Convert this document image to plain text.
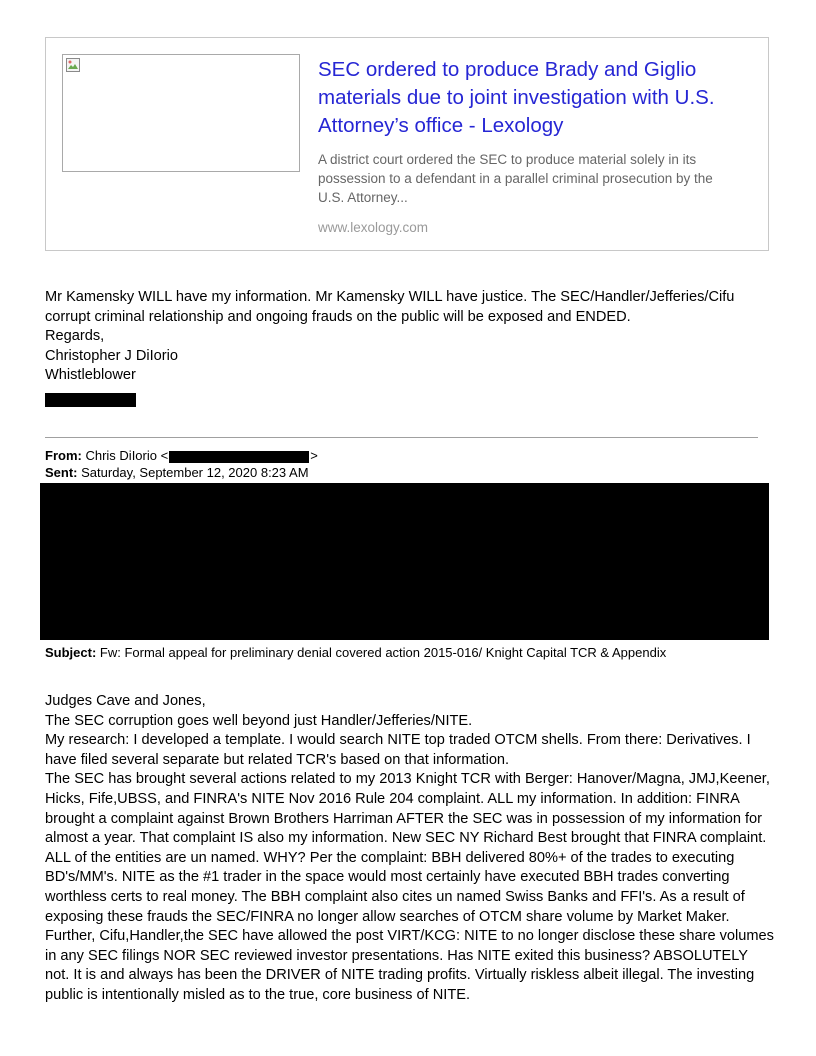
SEC ordered to produce Brady and Giglio materials due to joint investigation with U.S. Attorney’s office - Lexology
A district court ordered the SEC to produce material solely in its possession to a defendant in a parallel criminal prosecution by the U.S. Attorney...
www.lexology.com
Mr Kamensky WILL have my information. Mr Kamensky WILL have justice. The SEC/Handler/Jefferies/Cifu corrupt criminal relationship and ongoing frauds on the public will be exposed and ENDED.
Regards,
Christopher J DiIorio
Whistleblower
From: Chris DiIorio <	>
Sent: Saturday, September 12, 2020 8:23 AM
Subject: Fw: Formal appeal for preliminary denial covered action 2015-016/ Knight Capital TCR & Appendix
Judges Cave and Jones,
The SEC corruption goes well beyond just Handler/Jefferies/NITE.
My research: I developed a template. I would search NITE top traded OTCM shells. From there: Derivatives. I have filed several separate but related TCR's based on that information.
The SEC has brought several actions related to my 2013 Knight TCR with Berger: Hanover/Magna, JMJ,Keener, Hicks, Fife,UBSS, and FINRA's NITE Nov 2016 Rule 204 complaint. ALL my information. In addition: FINRA brought a complaint against Brown Brothers Harriman AFTER the SEC was in possession of my information for almost a year. That complaint IS also my information. New SEC NY Richard Best brought that FINRA complaint. ALL of the entities are un named. WHY? Per the complaint: BBH delivered 80%+ of the trades to executing BD's/MM's. NITE as the #1 trader in the space would most certainly have executed BBH trades converting worthless certs to real money. The BBH complaint also cites un named Swiss Banks and FFI's. As a result of exposing these frauds the SEC/FINRA no longer allow searches of OTCM share volume by Market Maker. Further, Cifu,Handler,the SEC have allowed the post VIRT/KCG: NITE to no longer disclose these share volumes in any SEC filings NOR SEC reviewed investor presentations. Has NITE exited this business? ABSOLUTELY not. It is and always has been the DRIVER of NITE trading profits. Virtually riskless albeit illegal. The investing public is intentionally misled as to the true, core business of NITE.
